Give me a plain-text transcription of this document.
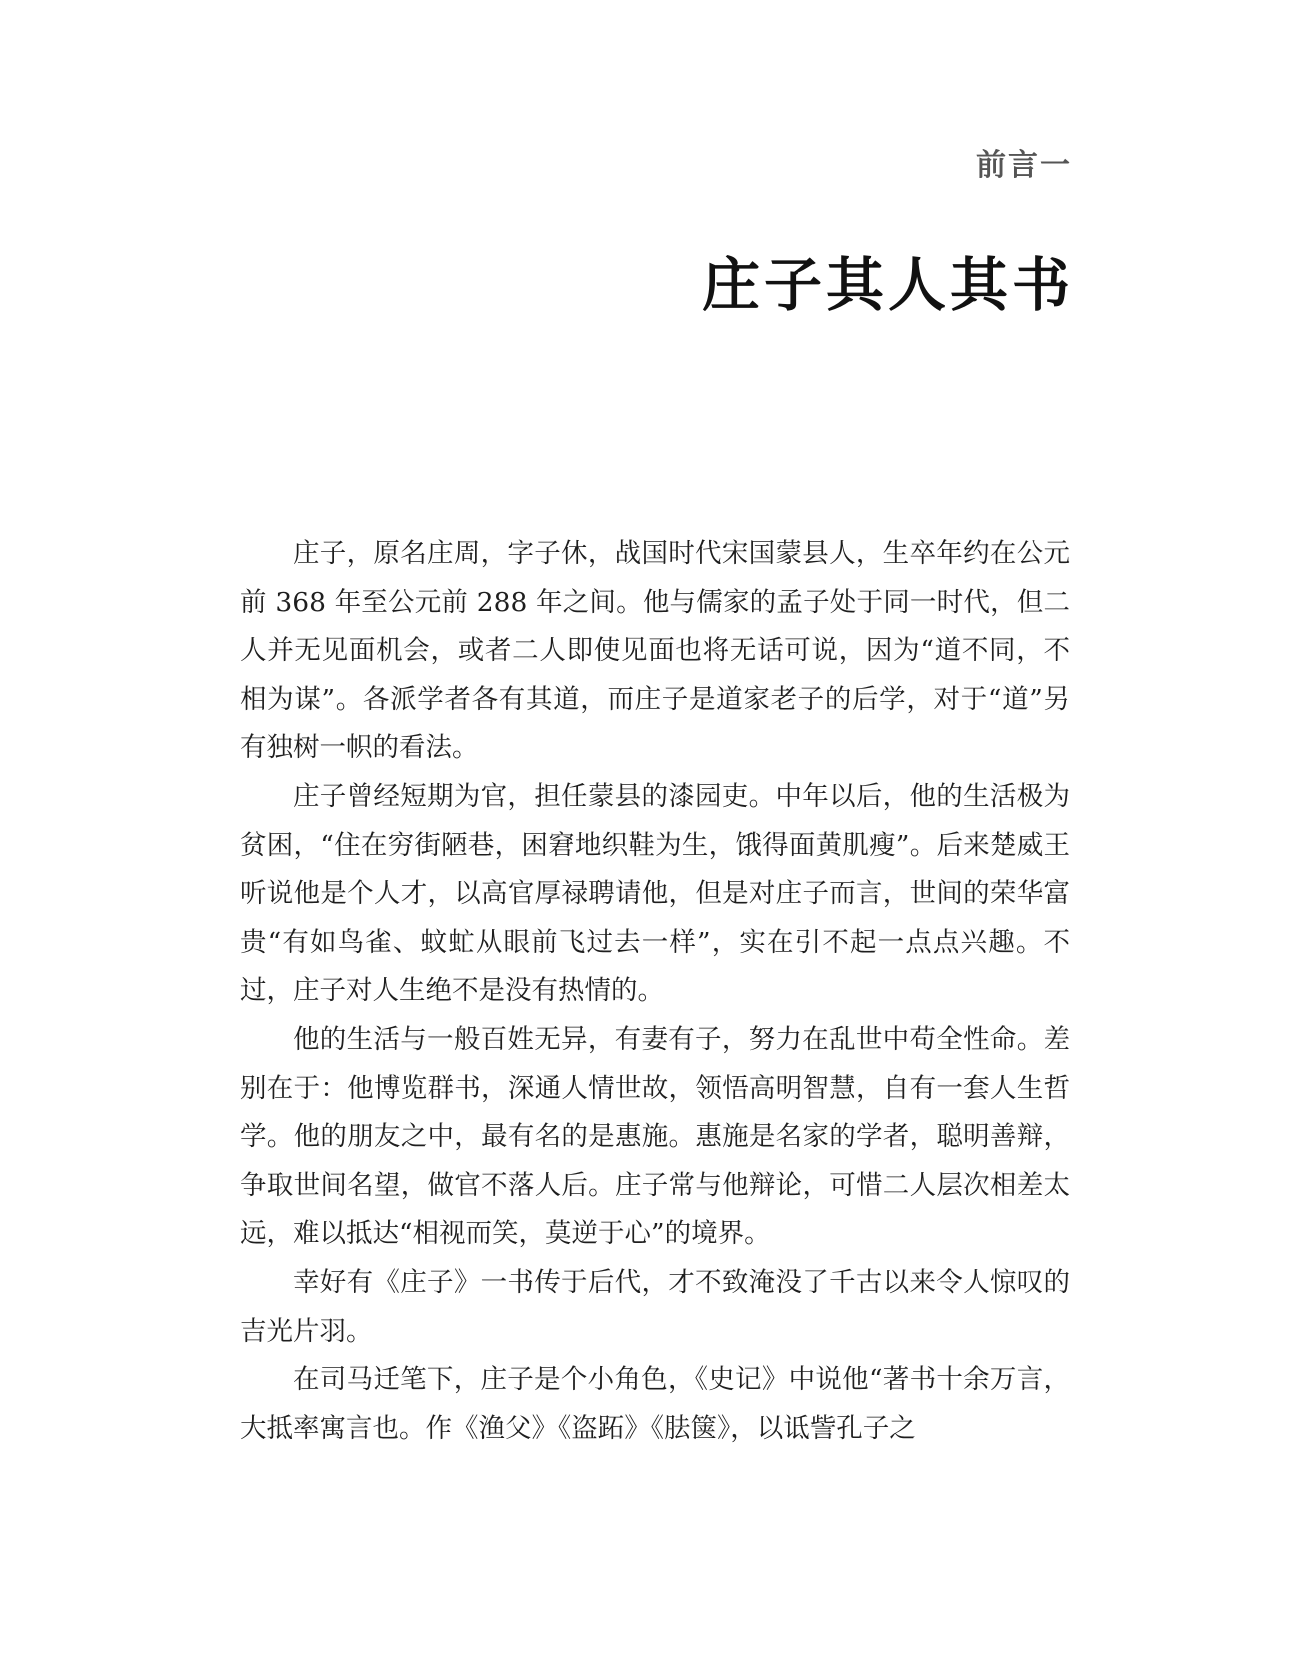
前言一
庄子其人其书

庄子，原名庄周，字子休，战国时代宋国蒙县人，生卒年约在公元前 368 年至公元前 288 年之间。他与儒家的孟子处于同一时代，但二人并无见面机会，或者二人即使见面也将无话可说，因为“道不同，不相为谋”。各派学者各有其道，而庄子是道家老子的后学，对于“道”另有独树一帜的看法。

庄子曾经短期为官，担任蒙县的漆园吏。中年以后，他的生活极为贫困，“住在穷街陋巷，困窘地织鞋为生，饿得面黄肌瘦”。后来楚威王听说他是个人才，以高官厚禄聘请他，但是对庄子而言，世间的荣华富贵“有如鸟雀、蚊虻从眼前飞过去一样”，实在引不起一点点兴趣。不过，庄子对人生绝不是没有热情的。

他的生活与一般百姓无异，有妻有子，努力在乱世中苟全性命。差别在于：他博览群书，深通人情世故，领悟高明智慧，自有一套人生哲学。他的朋友之中，最有名的是惠施。惠施是名家的学者，聪明善辩，争取世间名望，做官不落人后。庄子常与他辩论，可惜二人层次相差太远，难以抵达“相视而笑，莫逆于心”的境界。

幸好有《庄子》一书传于后代，才不致淹没了千古以来令人惊叹的吉光片羽。

在司马迁笔下，庄子是个小角色，《史记》中说他“著书十余万言，大抵率寓言也。作《渔父》《盗跖》《胠箧》，以诋訾孔子之
